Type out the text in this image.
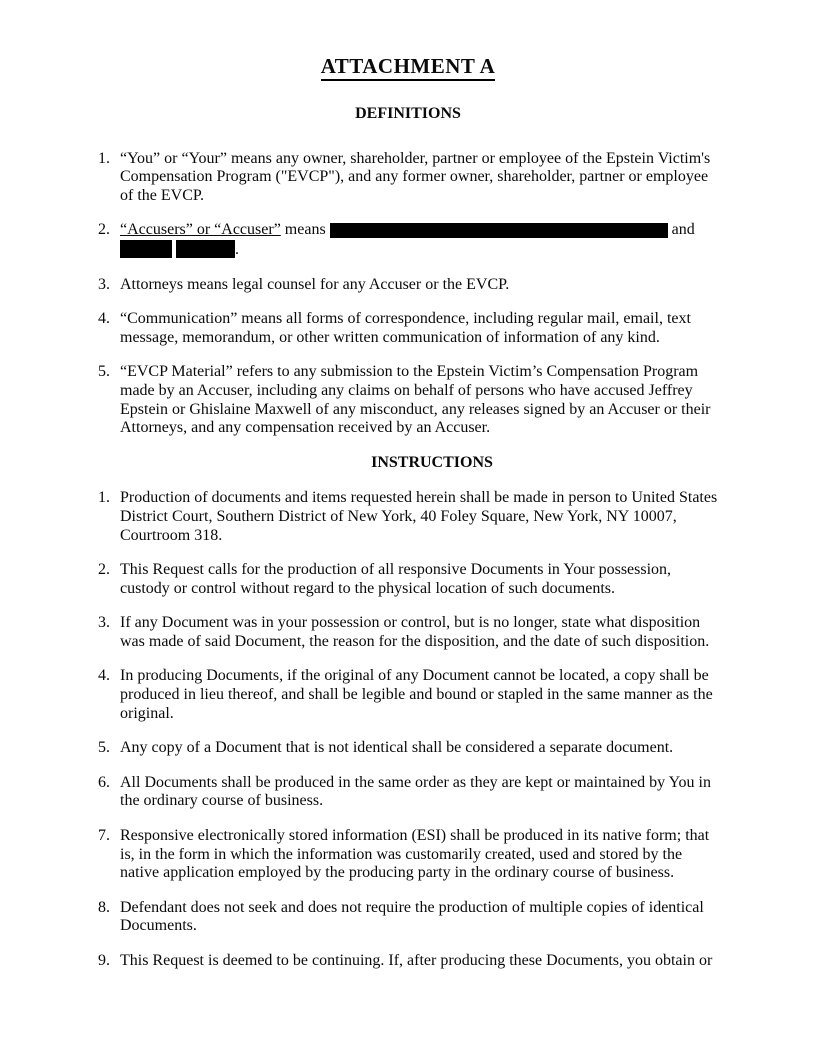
ATTACHMENT A
DEFINITIONS
“You” or “Your” means any owner, shareholder, partner or employee of the Epstein Victim's Compensation Program ("EVCP"), and any former owner, shareholder, partner or employee of the EVCP.
“Accusers” or “Accuser” means	and  .
Attorneys means legal counsel for any Accuser or the EVCP.
“Communication” means all forms of correspondence, including regular mail, email, text message, memorandum, or other written communication of information of any kind.
“EVCP Material” refers to any submission to the Epstein Victim’s Compensation Program made by an Accuser, including any claims on behalf of persons who have accused Jeffrey Epstein or Ghislaine Maxwell of any misconduct, any releases signed by an Accuser or their Attorneys, and any compensation received by an Accuser.
INSTRUCTIONS
Production of documents and items requested herein shall be made in person to United States District Court, Southern District of New York, 40 Foley Square, New York, NY 10007, Courtroom 318.
This Request calls for the production of all responsive Documents in Your possession, custody or control without regard to the physical location of such documents.
If any Document was in your possession or control, but is no longer, state what disposition was made of said Document, the reason for the disposition, and the date of such disposition.
In producing Documents, if the original of any Document cannot be located, a copy shall be produced in lieu thereof, and shall be legible and bound or stapled in the same manner as the original.
Any copy of a Document that is not identical shall be considered a separate document.
All Documents shall be produced in the same order as they are kept or maintained by You in the ordinary course of business.
Responsive electronically stored information (ESI) shall be produced in its native form; that is, in the form in which the information was customarily created, used and stored by the native application employed by the producing party in the ordinary course of business.
Defendant does not seek and does not require the production of multiple copies of identical Documents.
This Request is deemed to be continuing. If, after producing these Documents, you obtain or
